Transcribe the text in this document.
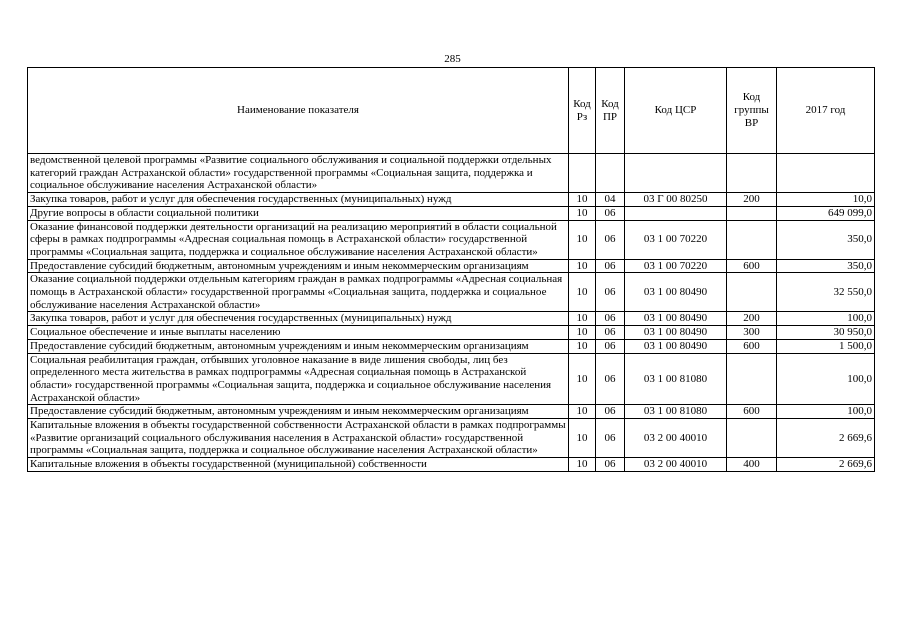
285
Наименование показателя	Код Рз	Код ПР	Код ЦСР	Код группы ВР	2017 год
ведомственной целевой программы «Развитие социального обслуживания и социальной поддержки отдельных категорий граждан Астраханской области» государственной программы «Социальная защита, поддержка и социальное обслуживание населения Астраханской области»					
Закупка товаров, работ и услуг для обеспечения государственных (муниципальных) нужд	10	04	03 Г 00 80250	200	10,0
Другие вопросы в области социальной политики	10	06			649 099,0
Оказание финансовой поддержки деятельности организаций на реализацию мероприятий в области социальной сферы в рамках подпрограммы «Адресная социальная помощь в Астраханской области» государственной программы «Социальная защита, поддержка и социальное обслуживание населения Астраханской области»	10	06	03 1 00 70220		350,0
Предоставление субсидий бюджетным, автономным учреждениям и иным некоммерческим организациям	10	06	03 1 00 70220	600	350,0
Оказание социальной поддержки отдельным категориям граждан в рамках подпрограммы «Адресная социальная помощь в Астраханской области» государственной программы «Социальная защита, поддержка и социальное обслуживание населения Астраханской области»	10	06	03 1 00 80490		32 550,0
Закупка товаров, работ и услуг для обеспечения государственных (муниципальных) нужд	10	06	03 1 00 80490	200	100,0
Социальное обеспечение и иные выплаты населению	10	06	03 1 00 80490	300	30 950,0
Предоставление субсидий бюджетным, автономным учреждениям и иным некоммерческим организациям	10	06	03 1 00 80490	600	1 500,0
Социальная реабилитация граждан, отбывших уголовное наказание в виде лишения свободы, лиц без определенного места жительства в рамках подпрограммы «Адресная социальная помощь в Астраханской области» государственной программы «Социальная защита, поддержка и социальное обслуживание населения Астраханской области»	10	06	03 1 00 81080		100,0
Предоставление субсидий бюджетным, автономным учреждениям и иным некоммерческим организациям	10	06	03 1 00 81080	600	100,0
Капитальные вложения в объекты государственной собственности Астраханской области в рамках подпрограммы «Развитие организаций социального обслуживания населения в Астраханской области» государственной программы «Социальная защита, поддержка и социальное обслуживание населения Астраханской области»	10	06	03 2 00 40010		2 669,6
Капитальные вложения в объекты государственной (муниципальной) собственности	10	06	03 2 00 40010	400	2 669,6
